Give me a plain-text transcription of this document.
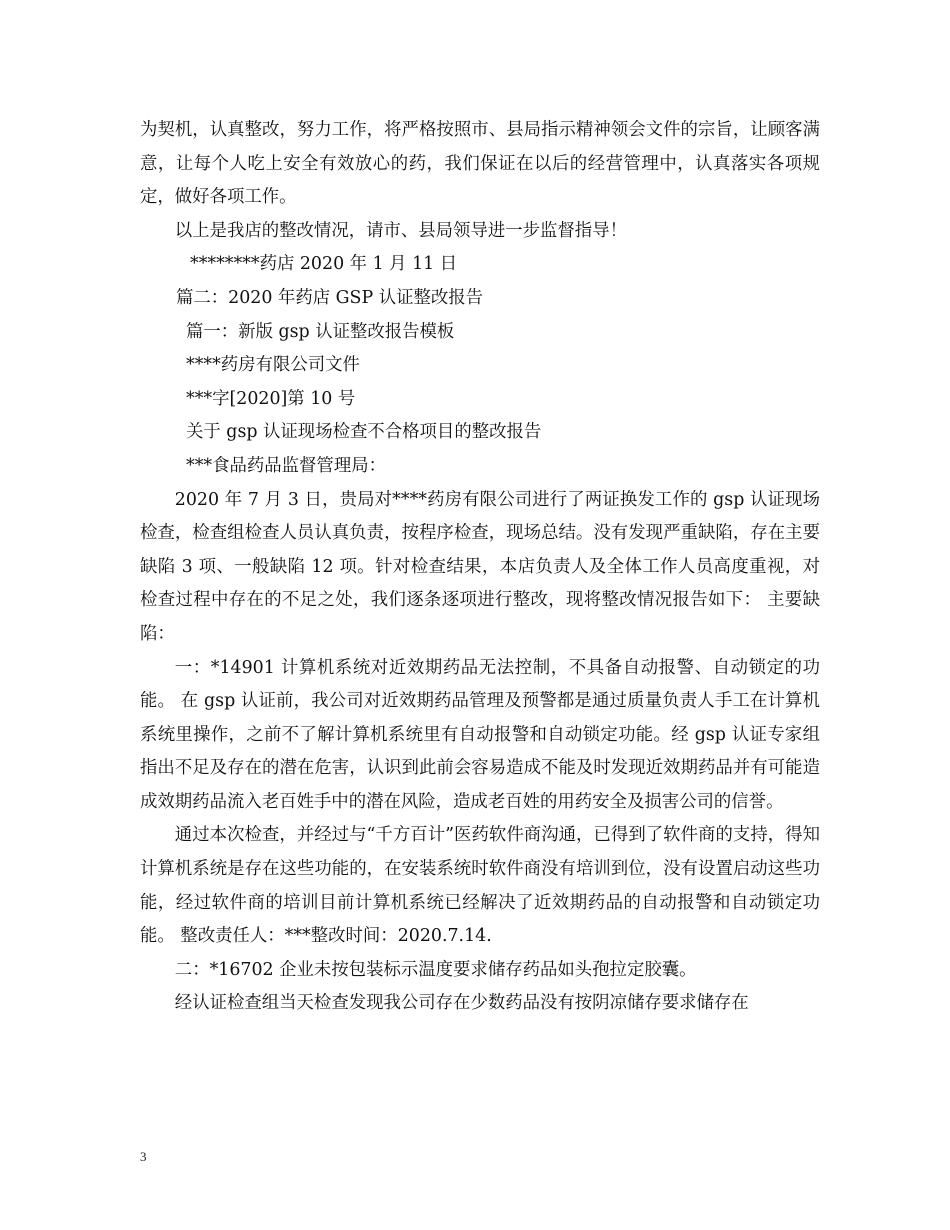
为契机，认真整改，努力工作，将严格按照市、县局指示精神领会文件的宗旨，让顾客满意，让每个人吃上安全有效放心的药，我们保证在以后的经营管理中，认真落实各项规定，做好各项工作。

以上是我店的整改情况，请市、县局领导进一步监督指导！

********药店 2020 年 1 月 11 日

篇二：2020 年药店 GSP 认证整改报告

篇一：新版 gsp 认证整改报告模板

****药房有限公司文件

***字[2020]第 10 号

关于 gsp 认证现场检查不合格项目的整改报告

***食品药品监督管理局：

2020 年 7 月 3 日，贵局对****药房有限公司进行了两证换发工作的 gsp 认证现场检查，检查组检查人员认真负责，按程序检查，现场总结。没有发现严重缺陷，存在主要缺陷 3 项、一般缺陷 12 项。针对检查结果，本店负责人及全体工作人员高度重视，对检查过程中存在的不足之处，我们逐条逐项进行整改，现将整改情况报告如下： 主要缺陷：

一：*14901 计算机系统对近效期药品无法控制，不具备自动报警、自动锁定的功能。 在 gsp 认证前，我公司对近效期药品管理及预警都是通过质量负责人手工在计算机系统里操作，之前不了解计算机系统里有自动报警和自动锁定功能。经 gsp 认证专家组指出不足及存在的潜在危害，认识到此前会容易造成不能及时发现近效期药品并有可能造成效期药品流入老百姓手中的潜在风险，造成老百姓的用药安全及损害公司的信誉。

通过本次检查，并经过与“千方百计”医药软件商沟通，已得到了软件商的支持，得知计算机系统是存在这些功能的，在安装系统时软件商没有培训到位，没有设置启动这些功能，经过软件商的培训目前计算机系统已经解决了近效期药品的自动报警和自动锁定功能。 整改责任人：***整改时间：2020.7.14.

二：*16702 企业未按包装标示温度要求储存药品如头孢拉定胶囊。

经认证检查组当天检查发现我公司存在少数药品没有按阴凉储存要求储存在

3
